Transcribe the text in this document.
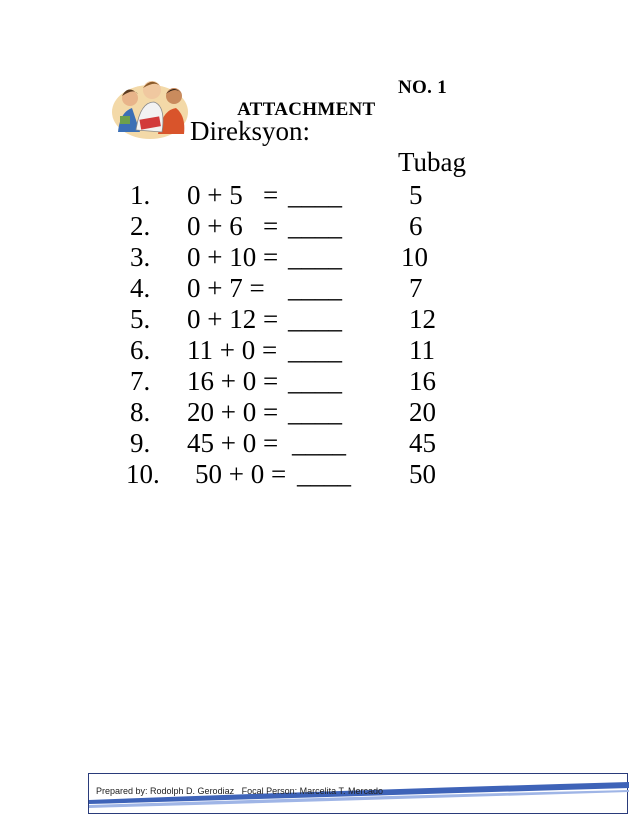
ATTACHMENT

NO. 1

Direksyon:
Tubag
1. 0 + 5   = ____ 5
2. 0 + 6   = ____ 6
3. 0 + 10 = ____ 10
4. 0 + 7 = ____ 7
5. 0 + 12 = ____ 12
6. 11 + 0 = ____ 11
7. 16 + 0 = ____ 16
8. 20 + 0 = ____ 20
9. 45 + 0 = ____ 45
10. 50 + 0 = ____ 50
Prepared by: Rodolph D. Gerodiaz   Focal Person: Marcelita T. Mercado
